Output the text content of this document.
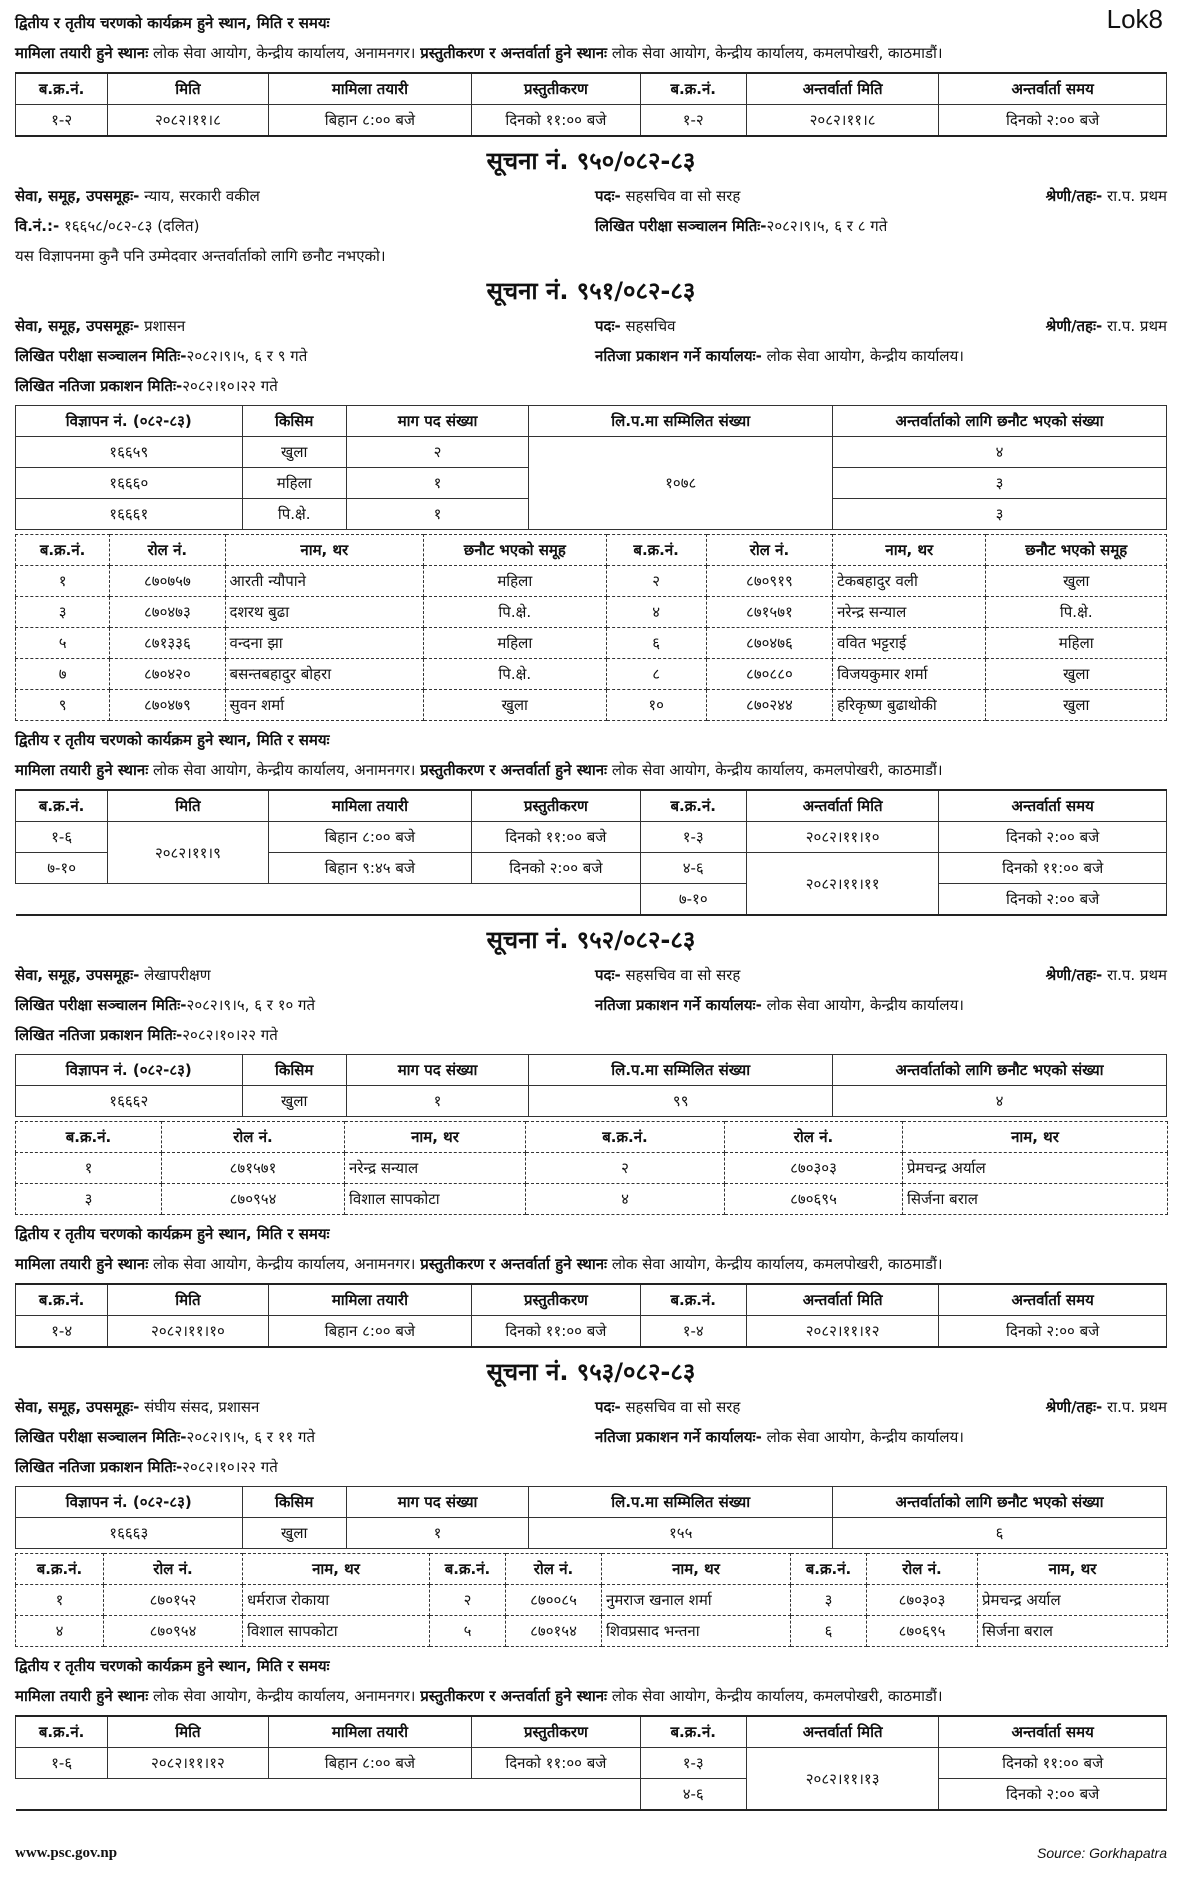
Lok8
द्वितीय र तृतीय चरणको कार्यक्रम हुने स्थान, मिति र समयः
मामिला तयारी हुने स्थानः लोक सेवा आयोग, केन्द्रीय कार्यालय, अनामनगर। प्रस्तुतीकरण र अन्तर्वार्ता हुने स्थानः लोक सेवा आयोग, केन्द्रीय कार्यालय, कमलपोखरी, काठमाडौं।
ब.क्र.नं.	मिति	मामिला तयारी	प्रस्तुतीकरण	ब.क्र.नं.	अन्तर्वार्ता मिति	अन्तर्वार्ता समय
१-२	२०८२।११।८	बिहान ८:०० बजे	दिनको ११:०० बजे	१-२	२०८२।११।८	दिनको २:०० बजे
सूचना नं. ९५०/०८२-८३
सेवा, समूह, उपसमूहः- न्याय, सरकारी वकील	पदः- सहसचिव वा सो सरह	श्रेणी/तहः- रा.प. प्रथम
वि.नं.:- १६६५८/०८२-८३ (दलित)	लिखित परीक्षा सञ्चालन मितिः-२०८२।९।५, ६ र ८ गते
यस विज्ञापनमा कुनै पनि उम्मेदवार अन्तर्वार्ताको लागि छनौट नभएको।
सूचना नं. ९५१/०८२-८३
सेवा, समूह, उपसमूहः- प्रशासन	पदः- सहसचिव	श्रेणी/तहः- रा.प. प्रथम
लिखित परीक्षा सञ्चालन मितिः-२०८२।९।५, ६ र ९ गते	नतिजा प्रकाशन गर्ने कार्यालयः- लोक सेवा आयोग, केन्द्रीय कार्यालय।
लिखित नतिजा प्रकाशन मितिः-२०८२।१०।२२ गते
विज्ञापन नं. (०८२-८३)	किसिम	माग पद संख्या	लि.प.मा सम्मिलित संख्या	अन्तर्वार्ताको लागि छनौट भएको संख्या
१६६५९	खुला	२	१०७८	४
१६६६०	महिला	१		३
१६६६१	पि.क्षे.	१		३
ब.क्र.नं.	रोल नं.	नाम, थर	छनौट भएको समूह	ब.क्र.नं.	रोल नं.	नाम, थर	छनौट भएको समूह
१	८७०७५७	आरती न्यौपाने	महिला	२	८७०९१९	टेकबहादुर वली	खुला
३	८७०४७३	दशरथ बुढा	पि.क्षे.	४	८७१५७१	नरेन्द्र सन्याल	पि.क्षे.
५	८७१३३६	वन्दना झा	महिला	६	८७०४७६	ववित भट्टराई	महिला
७	८७०४२०	बसन्तबहादुर बोहरा	पि.क्षे.	८	८७०८८०	विजयकुमार शर्मा	खुला
९	८७०४७९	सुवन शर्मा	खुला	१०	८७०२४४	हरिकृष्ण बुढाथोकी	खुला
द्वितीय र तृतीय चरणको कार्यक्रम हुने स्थान, मिति र समयः
मामिला तयारी हुने स्थानः लोक सेवा आयोग, केन्द्रीय कार्यालय, अनामनगर। प्रस्तुतीकरण र अन्तर्वार्ता हुने स्थानः लोक सेवा आयोग, केन्द्रीय कार्यालय, कमलपोखरी, काठमाडौं।
ब.क्र.नं.	मिति	मामिला तयारी	प्रस्तुतीकरण	ब.क्र.नं.	अन्तर्वार्ता मिति	अन्तर्वार्ता समय
१-६	२०८२।११।९	बिहान ८:०० बजे	दिनको ११:०० बजे	१-३	२०८२।११।१०	दिनको २:०० बजे
७-१०		बिहान ९:४५ बजे	दिनको २:०० बजे	४-६	२०८२।११।११	दिनको ११:०० बजे
				७-१०		दिनको २:०० बजे
सूचना नं. ९५२/०८२-८३
सेवा, समूह, उपसमूहः- लेखापरीक्षण	पदः- सहसचिव वा सो सरह	श्रेणी/तहः- रा.प. प्रथम
लिखित परीक्षा सञ्चालन मितिः-२०८२।९।५, ६ र १० गते	नतिजा प्रकाशन गर्ने कार्यालयः- लोक सेवा आयोग, केन्द्रीय कार्यालय।
लिखित नतिजा प्रकाशन मितिः-२०८२।१०।२२ गते
विज्ञापन नं. (०८२-८३)	किसिम	माग पद संख्या	लि.प.मा सम्मिलित संख्या	अन्तर्वार्ताको लागि छनौट भएको संख्या
१६६६२	खुला	१	९९	४
ब.क्र.नं.	रोल नं.	नाम, थर	ब.क्र.नं.	रोल नं.	नाम, थर
१	८७१५७१	नरेन्द्र सन्याल	२	८७०३०३	प्रेमचन्द्र अर्याल
३	८७०९५४	विशाल सापकोटा	४	८७०६९५	सिर्जना बराल
द्वितीय र तृतीय चरणको कार्यक्रम हुने स्थान, मिति र समयः
मामिला तयारी हुने स्थानः लोक सेवा आयोग, केन्द्रीय कार्यालय, अनामनगर। प्रस्तुतीकरण र अन्तर्वार्ता हुने स्थानः लोक सेवा आयोग, केन्द्रीय कार्यालय, कमलपोखरी, काठमाडौं।
ब.क्र.नं.	मिति	मामिला तयारी	प्रस्तुतीकरण	ब.क्र.नं.	अन्तर्वार्ता मिति	अन्तर्वार्ता समय
१-४	२०८२।११।१०	बिहान ८:०० बजे	दिनको ११:०० बजे	१-४	२०८२।११।१२	दिनको २:०० बजे
सूचना नं. ९५३/०८२-८३
सेवा, समूह, उपसमूहः- संघीय संसद, प्रशासन	पदः- सहसचिव वा सो सरह	श्रेणी/तहः- रा.प. प्रथम
लिखित परीक्षा सञ्चालन मितिः-२०८२।९।५, ६ र ११ गते	नतिजा प्रकाशन गर्ने कार्यालयः- लोक सेवा आयोग, केन्द्रीय कार्यालय।
लिखित नतिजा प्रकाशन मितिः-२०८२।१०।२२ गते
विज्ञापन नं. (०८२-८३)	किसिम	माग पद संख्या	लि.प.मा सम्मिलित संख्या	अन्तर्वार्ताको लागि छनौट भएको संख्या
१६६६३	खुला	१	१५५	६
ब.क्र.नं.	रोल नं.	नाम, थर	ब.क्र.नं.	रोल नं.	नाम, थर	ब.क्र.नं.	रोल नं.	नाम, थर
१	८७०१५२	धर्मराज रोकाया	२	८७००८५	नुमराज खनाल शर्मा	३	८७०३०३	प्रेमचन्द्र अर्याल
४	८७०९५४	विशाल सापकोटा	५	८७०१५४	शिवप्रसाद भन्तना	६	८७०६९५	सिर्जना बराल
द्वितीय र तृतीय चरणको कार्यक्रम हुने स्थान, मिति र समयः
मामिला तयारी हुने स्थानः लोक सेवा आयोग, केन्द्रीय कार्यालय, अनामनगर। प्रस्तुतीकरण र अन्तर्वार्ता हुने स्थानः लोक सेवा आयोग, केन्द्रीय कार्यालय, कमलपोखरी, काठमाडौं।
ब.क्र.नं.	मिति	मामिला तयारी	प्रस्तुतीकरण	ब.क्र.नं.	अन्तर्वार्ता मिति	अन्तर्वार्ता समय
१-६	२०८२।११।१२	बिहान ८:०० बजे	दिनको ११:०० बजे	१-३	२०८२।११।१३	दिनको ११:०० बजे
				४-६		दिनको २:०० बजे
www.psc.gov.np	Source: Gorkhapatra
